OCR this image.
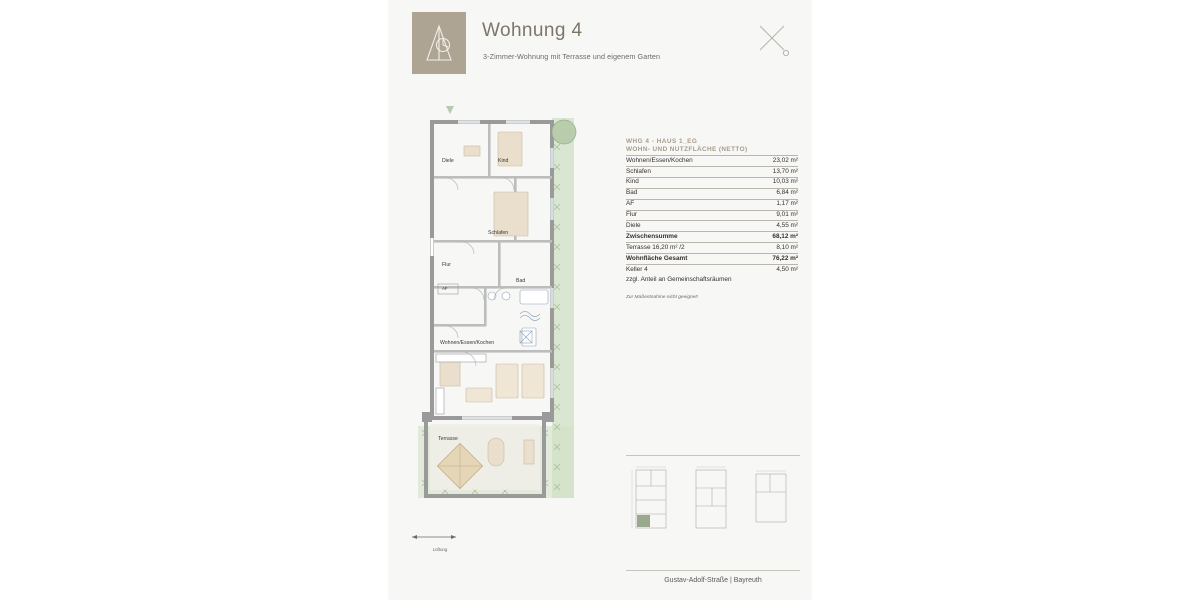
Wohnung 4
3-Zimmer-Wohnung mit Terrasse und eigenem Garten
Diele	Kind
Schlafen
Flur
Bad
AF
Wohnen/Essen/Kochen
Terrasse
Lüftung
WHG 4 - HAUS 1_EG
WOHN- UND NUTZFLÄCHE (NETTO)
Wohnen/Essen/Kochen	23,02 m²
Schlafen	13,70 m²
Kind	10,03 m²
Bad	6,84 m²
AF	1,17 m²
Flur	9,01 m²
Diele	4,55 m²
Zwischensumme	68,12 m²
Terrasse 16,20 m² /2	8,10 m²
Wohnfläche Gesamt	76,22 m²
Keller 4	4,50 m²
zzgl. Anteil an Gemeinschaftsräumen	
Zur Maßentnahme nicht geeignet!
Gustav-Adolf-Straße | Bayreuth
